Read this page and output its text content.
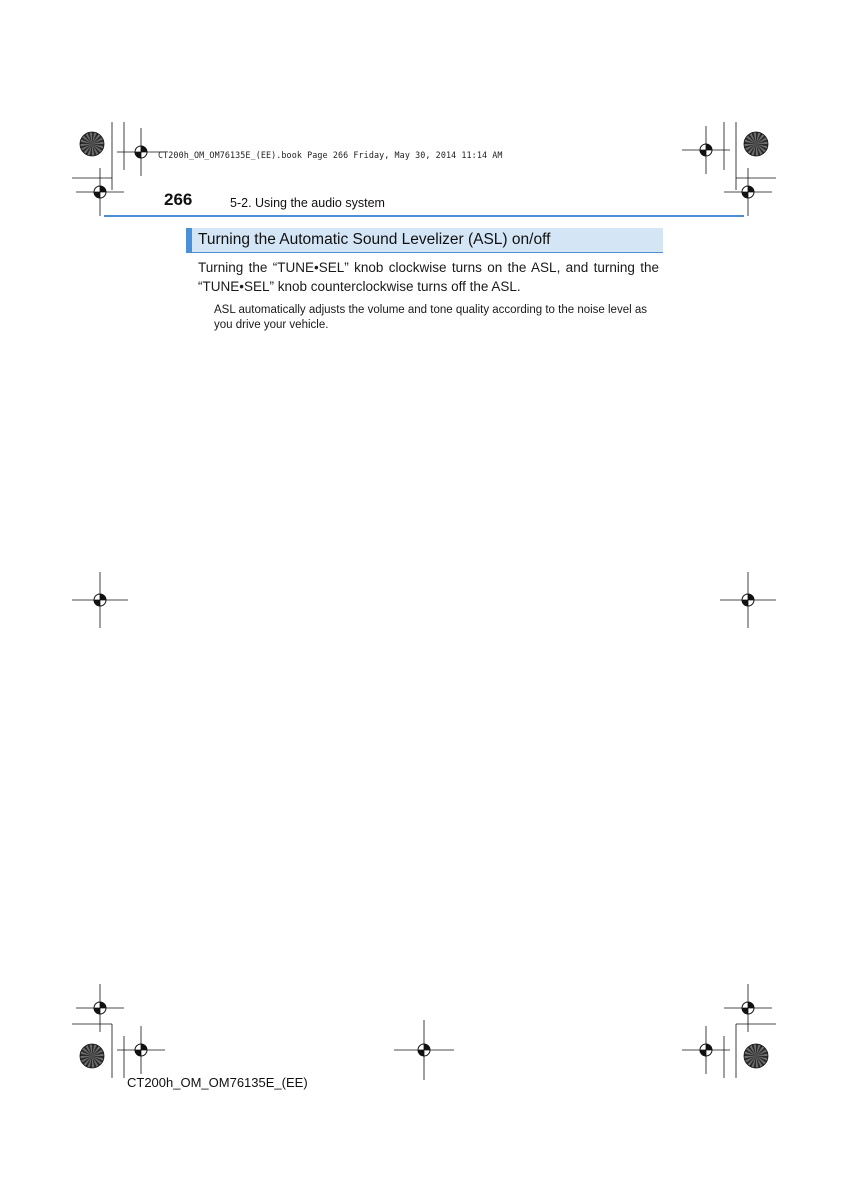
CT200h_OM_OM76135E_(EE).book Page 266 Friday, May 30, 2014 11:14 AM
266	5-2. Using the audio system
Turning the Automatic Sound Levelizer (ASL) on/off

Turning the “TUNE•SEL” knob clockwise turns on the ASL, and turning the “TUNE•SEL” knob counterclockwise turns off the ASL.

ASL automatically adjusts the volume and tone quality according to the noise level as you drive your vehicle.

CT200h_OM_OM76135E_(EE)
